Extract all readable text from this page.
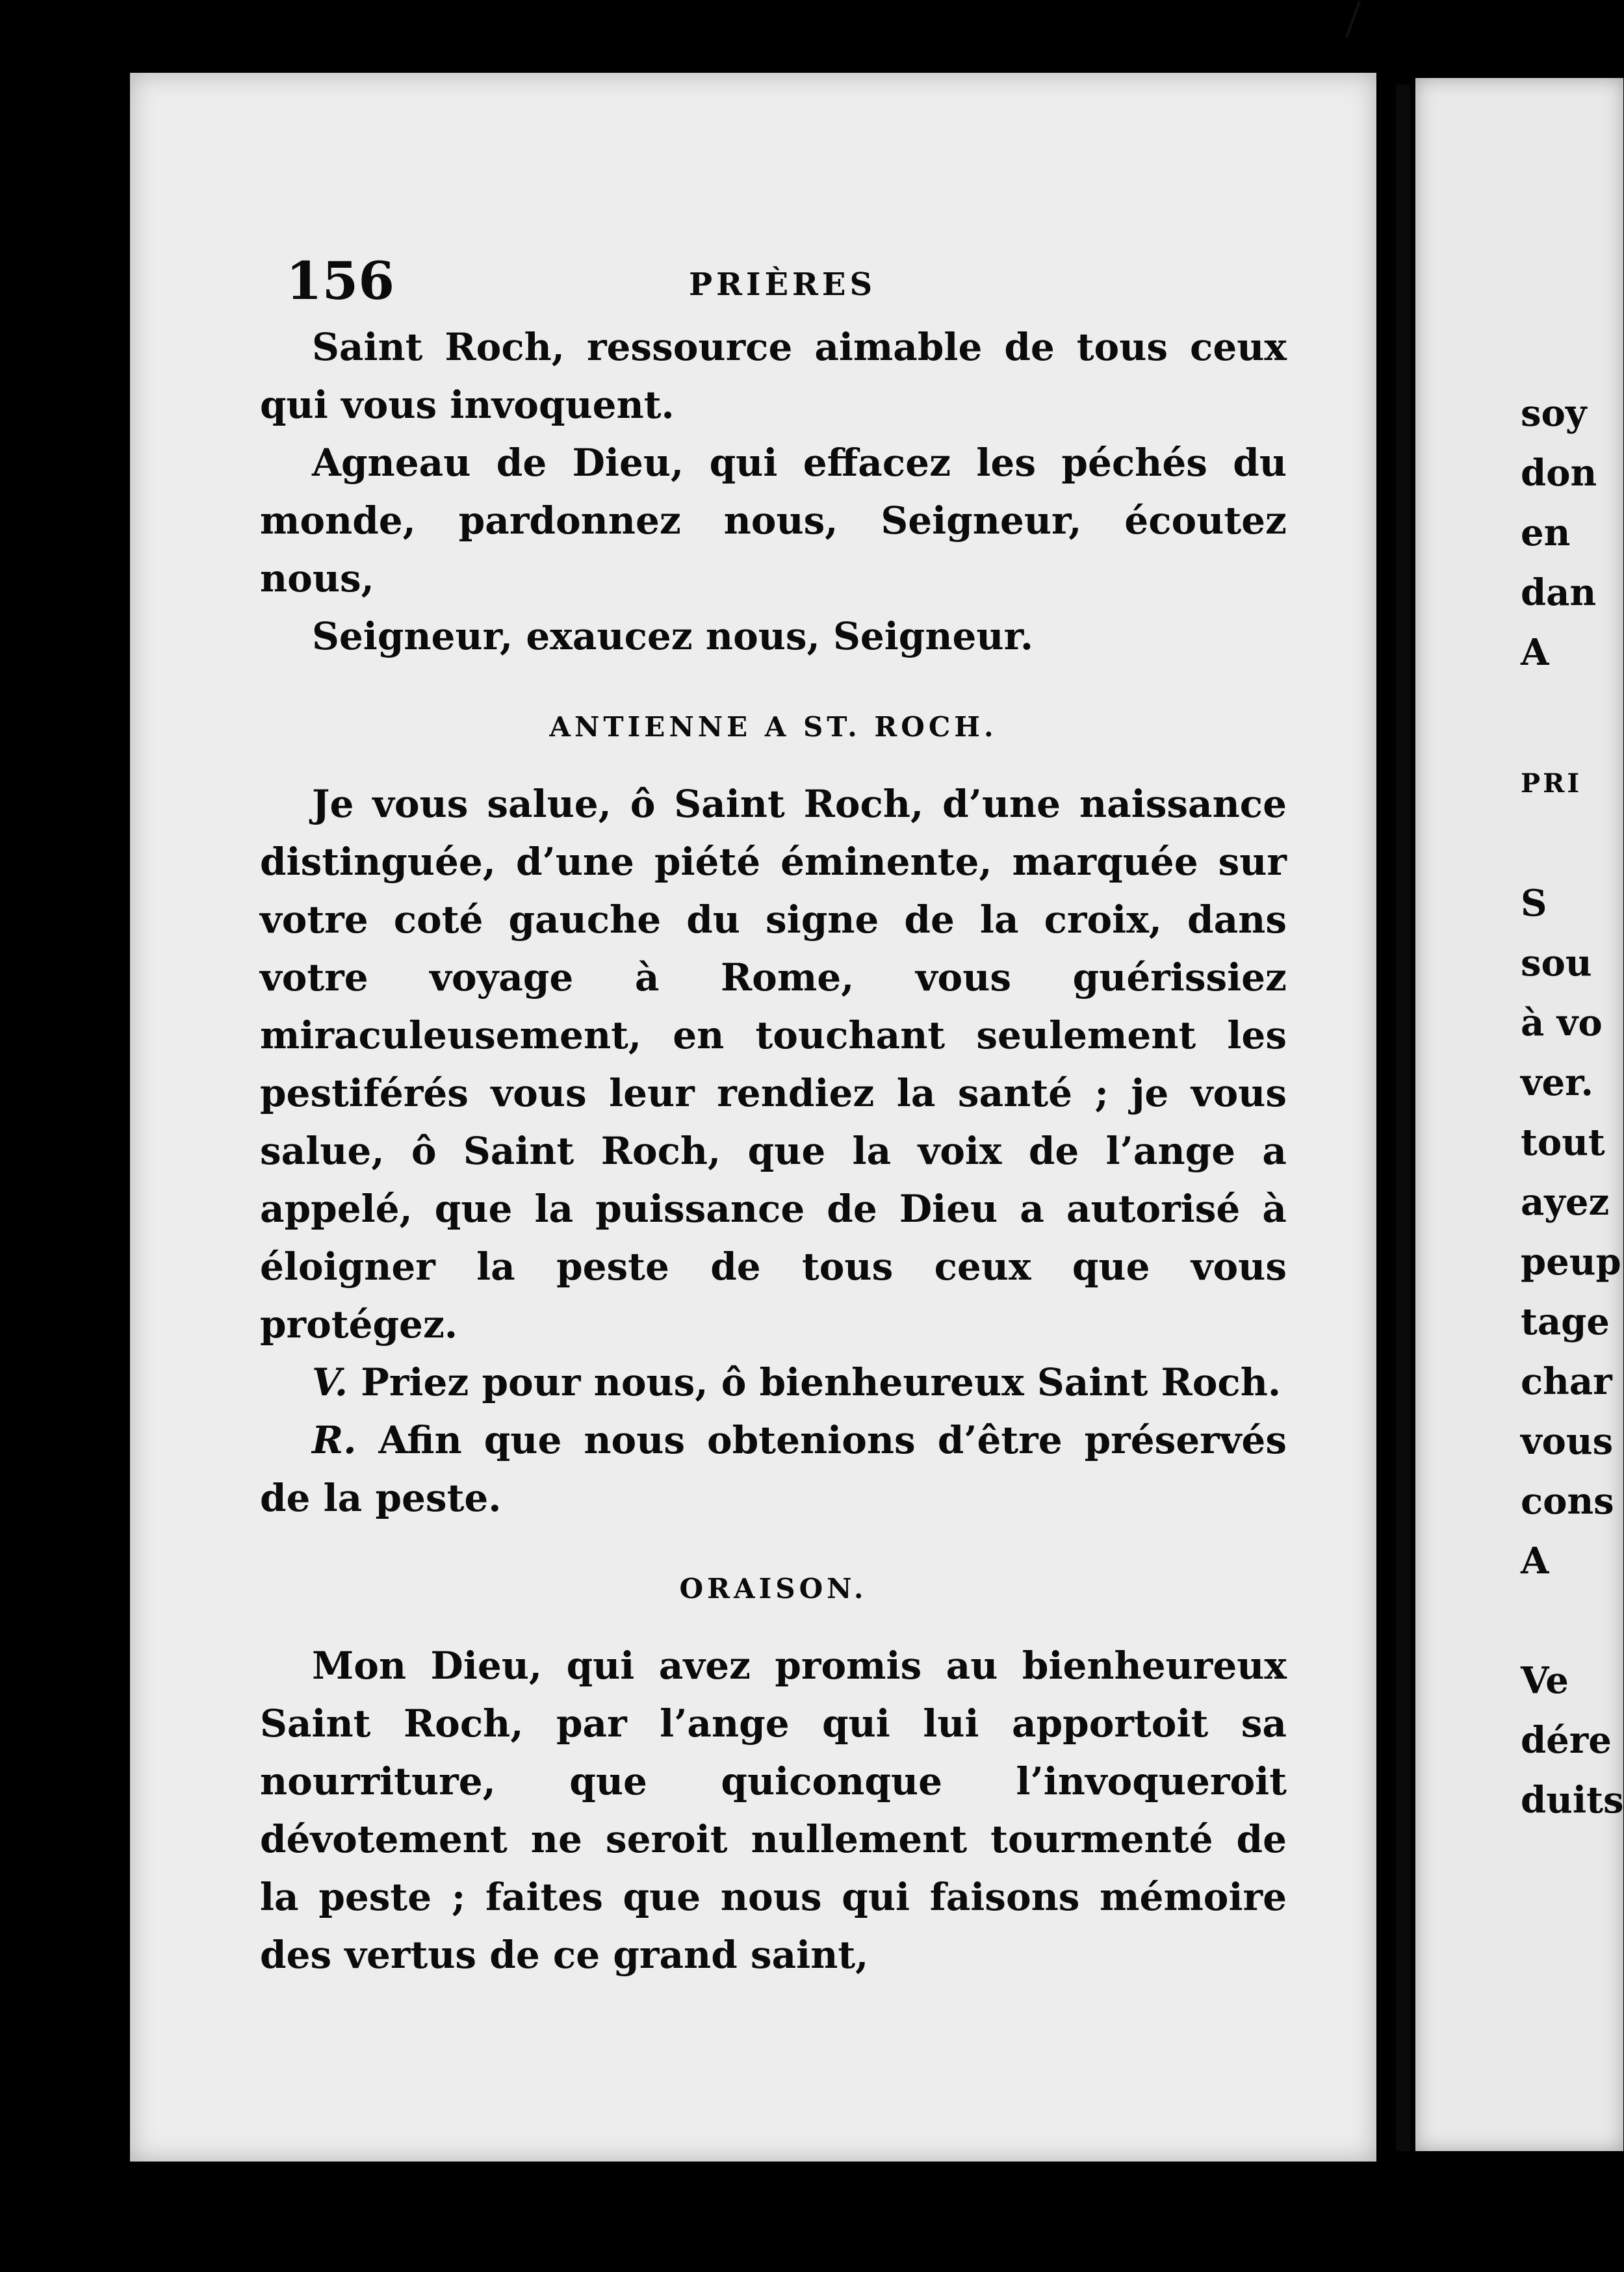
156	PRIÈRES

Saint Roch, ressource aimable de tous ceux qui vous invoquent.

Agneau de Dieu, qui effacez les péchés du monde, pardonnez nous, Seigneur, écoutez nous,

Seigneur, exaucez nous, Seigneur.

ANTIENNE A ST. ROCH.

Je vous salue, ô Saint Roch, d’une naissance distinguée, d’une piété éminente, marquée sur votre coté gauche du signe de la croix, dans votre voyage à Rome, vous guérissiez miraculeusement, en touchant seulement les pestiférés vous leur rendiez la santé ; je vous salue, ô Saint Roch, que la voix de l’ange a appelé, que la puissance de Dieu a autorisé à éloigner la peste de tous ceux que vous protégez.

V. Priez pour nous, ô bienheureux Saint Roch.

R. Afin que nous obtenions d’être préservés de la peste.

ORAISON.

Mon Dieu, qui avez promis au bienheureux Saint Roch, par l’ange qui lui apportoit sa nourriture, que quiconque l’invoqueroit dévotement ne seroit nullement tourmenté de la peste ; faites que nous qui faisons mémoire des vertus de ce grand saint,

soy
don
en
dan
A
PRI
S
sou
à vo
ver.
tout
ayez
peup
tage
char
vous
cons
A
Ve
dére
duits
